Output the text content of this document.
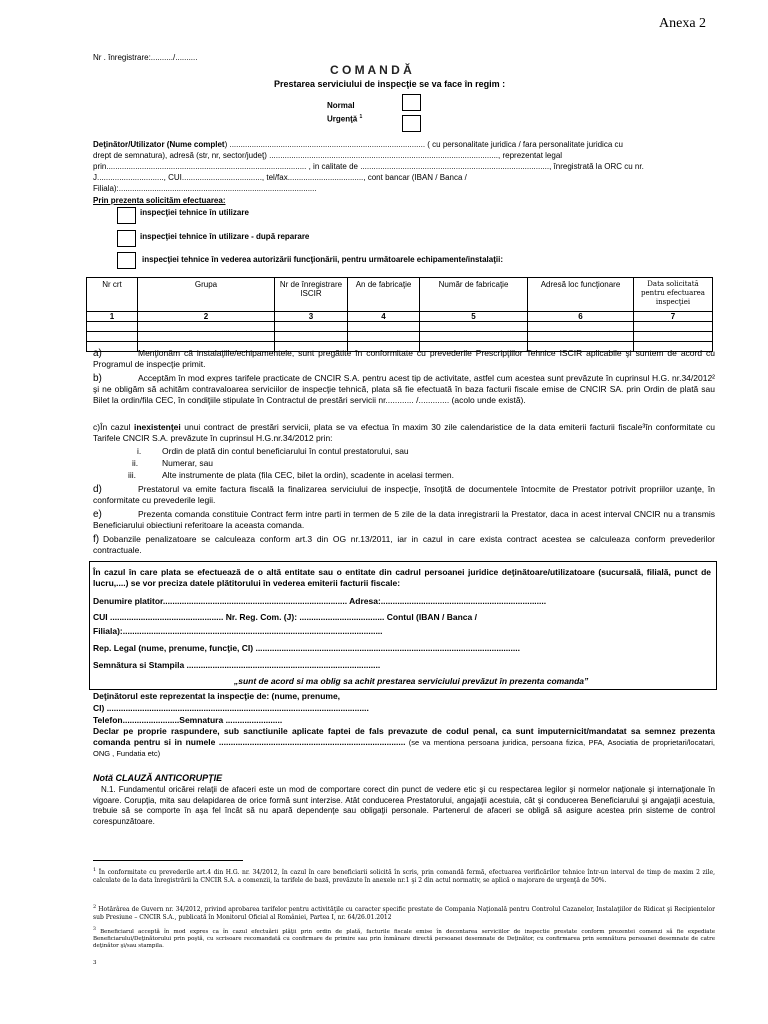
Anexa 2
Nr . înregistrare:........../..........
C O M A N D Ă
Prestarea serviciului de inspecţie se va face în regim :
Normal
Urgenţă $^1$
Deţinător/Utilizator (Nume complet) ........................................................................................ ( cu personalitate juridica / fara personalitate juridica cu
drept de semnatura), adresă (str, nr, sector/judeţ) ......................................................................................................., reprezentat legal
prin.......................................................................................... , in calitate de ....................................................................................., înregistrată la ORC cu nr.
J.............................., CUI...................................., tel/fax.................................., cont bancar (IBAN / Banca /
Filiala):.........................................................................................
Prin prezenta solicităm efectuarea:
inspecţiei tehnice în utilizare
inspecţiei tehnice în utilizare - după reparare
inspecţiei tehnice în vederea autorizării funcţionării, pentru următoarele echipamente/instalaţii:
Nr crt	Grupa	Nr de înregistrare ISCIR	An de fabricaţie	Număr de fabricaţie	Adresă loc funcţionare	Data solicitată pentru efectuarea inspecţiei
1	2	3	4	5	6	7

a)	Menţionăm că instalaţiile/echipamentele, sunt pregătite în conformitate cu prevederile Prescripţiilor Tehnice ISCIR aplicabile şi suntem de acord cu Programul de inspecţie primit.
b)	Acceptăm în mod expres tarifele practicate de CNCIR S.A. pentru acest tip de activitate, astfel cum acestea sunt prevăzute în cuprinsul H.G. nr.34/2012² şi ne obligăm să achităm contravaloarea serviciilor de inspecţie tehnică, plata să fie efectuată în baza facturii fiscale emise de CNCIR SA. prin Ordin de plată sau Bilet la ordin/fila CEC, în condiţiile stipulate în Contractul de prestări servicii nr............ /............. (acolo unde există).
c)În cazul inexistenţei unui contract de prestări servicii, plata se va efectua în maxim 30 zile calendaristice de la data emiterii facturii fiscale³în conformitate cu Tarifele CNCIR S.A. prevăzute în cuprinsul H.G.nr.34/2012 prin:
i. Ordin de plată din contul beneficiarului în contul prestatorului, sau
ii.	Numerar, sau
iii.	Alte instrumente de plata (fila CEC, bilet la ordin), scadente in acelasi termen.
d)	Prestatorul va emite factura fiscală la finalizarea serviciului de inspecţie, însoţită de documentele întocmite de Prestator potrivit propriilor uzanţe, în conformitate cu prevederile legii.
e)	Prezenta comanda constituie Contract ferm intre parti in termen de 5 zile de la data inregistrarii la Prestator, daca in acest interval CNCIR nu a transmis Beneficiarului obiectiuni referitoare la aceasta comanda.
f) Dobanzile penalizatoare se calculeaza conform art.3 din OG nr.13/2011, iar in cazul in care exista contract acestea se calculeaza conform prevederilor contractuale.
În cazul în care plata se efectuează de o altă entitate sau o entitate din cadrul persoanei juridice deţinătoare/utilizatoare (sucursală, filială, punct de lucru,....) se vor preciza datele plătitorului în vederea emiterii facturii fiscale:
Denumire platitor.............................................................................. Adresa:......................................................................
CUI ................................................ Nr. Reg. Com. (J): .................................... Contul (IBAN / Banca /
Filiala):..............................................................................................................
Rep. Legal (nume, prenume, funcţie, CI) ................................................................................................................
Semnătura si Stampila ..................................................................................
„sunt de acord si ma oblig sa achit prestarea serviciului prevăzut în prezenta comanda”
Deţinătorul este reprezentat la inspecţie de: (nume, prenume,
CI) ...............................................................................................................
Telefon........................Semnatura ........................
Declar pe proprie raspundere, sub sanctiunile aplicate faptei de fals prevazute de codul penal, ca sunt imputernicit/mandatat sa semnez prezenta comanda pentru si in numele ............................................................................... (se va mentiona persoana juridica, persoana fizica, PFA, Asociatia de proprietari/locatari, ONG , Fundatia etc)
Notă CLAUZĂ ANTICORUPŢIE
N.1. Fundamentul oricărei relaţii de afaceri este un mod de comportare corect din punct de vedere etic şi cu respectarea legilor şi normelor naţionale şi internaţionale în vigoare. Corupţia, mita sau delapidarea de orice formă sunt interzise. Atât conducerea Prestatorului, angajaţii acestuia, cât şi conducerea Beneficiarului şi angajaţii acestuia, trebuie să se comporte în aşa fel încât să nu apară dependenţe sau obligaţii personale. Partenerul de afaceri se obligă să asigure acestea prin sisteme de control corespunzătoare.
$^1$ În conformitate cu prevederile art.4 din H.G. nr. 34/2012, în cazul în care beneficiarii solicită în scris, prin comandă fermă, efectuarea verificărilor tehnice într-un interval de timp de maxim 2 zile, calculate de la data înregistrării la CNCIR S.A. a comenzii, la tarifele de bază, prevăzute în anexele nr.1 şi 2 din actul normativ, se aplică o majorare de urgenţă de 50%.
$^2$ Hotărârea de Guvern nr. 34/2012, privind aprobarea tarifelor pentru activităţile cu caracter specific prestate de Compania Naţională pentru Controlul Cazanelor, Instalaţiilor de Ridicat şi Recipientelor sub Presiune – CNCIR S.A., publicată în Monitorul Oficial al României, Partea I, nr. 64/26.01.2012
$^3$ Beneficiarul acceptă în mod expres ca în cazul efectuării plăţii prin ordin de plată, facturile fiscale emise în decontarea serviciilor de inspectie prestate conform prezentei comenzi să fie expediate Beneficiarului/Deţinătorului prin poştă, cu scrisoare recomandată cu confirmare de primire sau prin înmânare directă persoanei desemnate de Deţinător, cu confirmarea prin semnătura persoanei desemnate de catre deţinător şi/sau stampila.
3
